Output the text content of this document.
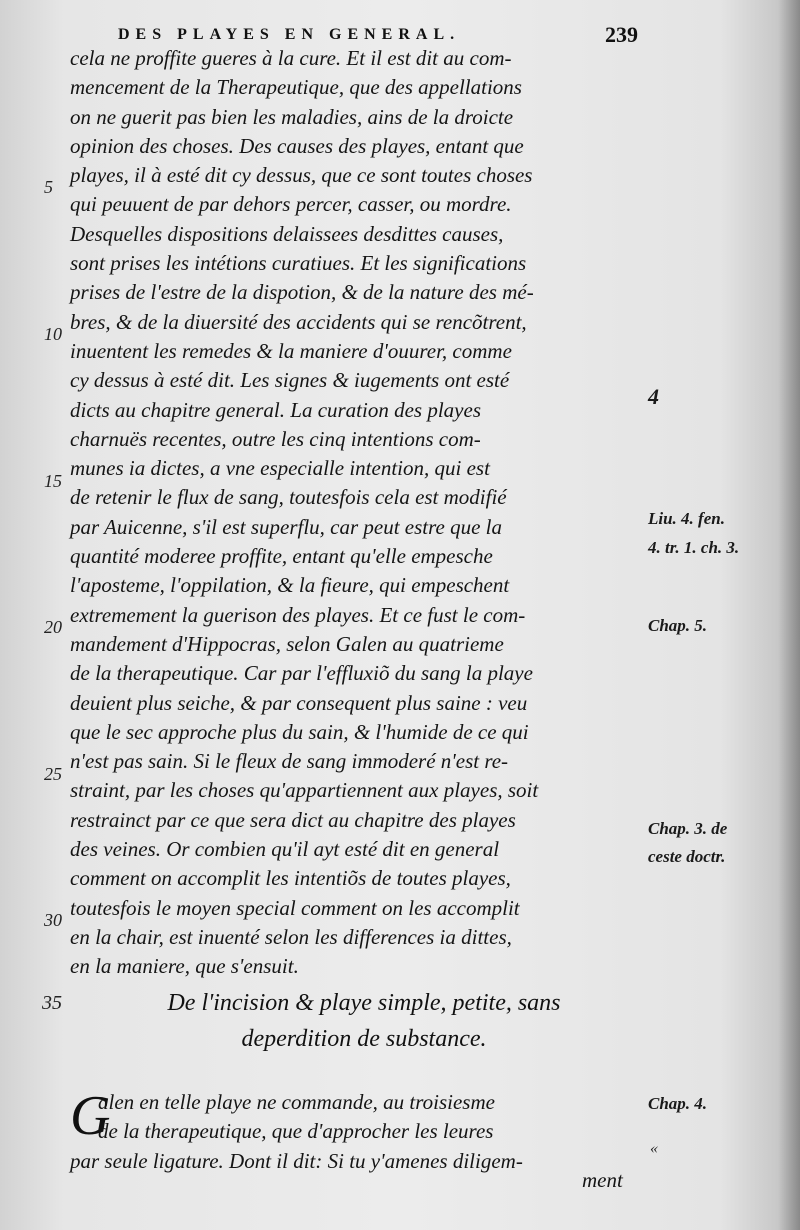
DES PLAYES EN GENERAL.	239
5
10
15
20
25
30
cela ne proffite gueres à la cure. Et il est dit au com-
mencement de la Therapeutique, que des appellations
on ne guerit pas bien les maladies, ains de la droicte
opinion des choses. Des causes des playes, entant que
playes, il à esté dit cy dessus, que ce sont toutes choses
qui peuuent de par dehors percer, casser, ou mordre.
Desquelles dispositions delaissees desdittes causes,
sont prises les intétions curatiues. Et les significations
prises de l'estre de la dispotion, & de la nature des mé-
bres, & de la diuersité des accidents qui se rencõtrent,
inuentent les remedes & la maniere d'ouurer, comme
cy dessus à esté dit. Les signes & iugements ont esté
dicts au chapitre general. La curation des playes
charnuës recentes, outre les cinq intentions com-
munes ia dictes, a vne especialle intention, qui est
de retenir le flux de sang, toutesfois cela est modifié
par Auicenne, s'il est superflu, car peut estre que la
quantité moderee proffite, entant qu'elle empesche
l'aposteme, l'oppilation, & la fieure, qui empeschent
extremement la guerison des playes. Et ce fust le com-
mandement d'Hippocras, selon Galen au quatrieme
de la therapeutique. Car par l'effluxiõ du sang la playe
deuient plus seiche, & par consequent plus saine : veu
que le sec approche plus du sain, & l'humide de ce qui
n'est pas sain. Si le fleux de sang immoderé n'est re-
straint, par les choses qu'appartiennent aux playes, soit
restrainct par ce que sera dict au chapitre des playes
des veines. Or combien qu'il ayt esté dit en general
comment on accomplit les intentiõs de toutes playes,
toutesfois le moyen special comment on les accomplit
en la chair, est inuenté selon les differences ia dittes,
en la maniere, que s'ensuit.
4
Liu. 4. fen.
4. tr. 1. ch. 3.
Chap. 5.
Chap. 3. de
ceste doctr.
35	De l'incision & playe simple, petite, sans
deperdition de substance.
G
alen en telle playe ne commande, au troisiesme
de la therapeutique, que d'approcher les leures
par seule ligature. Dont il dit: Si tu y'amenes diligem-
Chap. 4.
«
ment
